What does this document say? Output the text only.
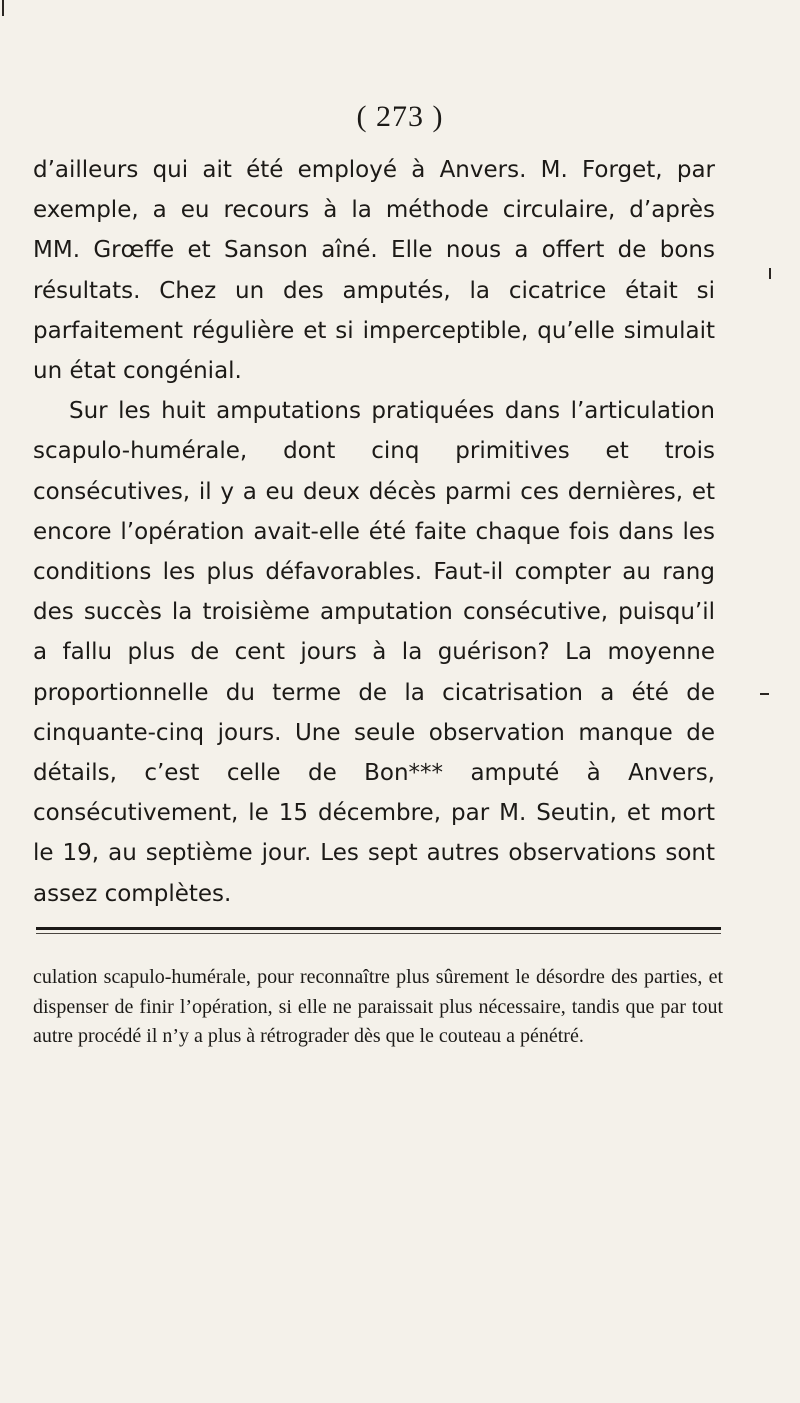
( 273 )

d’ailleurs qui ait été employé à Anvers. M. Forget, par exemple, a eu recours à la méthode circulaire, d’après MM. Grœffe et Sanson aîné. Elle nous a offert de bons résultats. Chez un des amputés, la cicatrice était si parfaitement régulière et si imperceptible, qu’elle simulait un état congénial.

Sur les huit amputations pratiquées dans l’articulation scapulo-humérale, dont cinq primitives et trois consécutives, il y a eu deux décès parmi ces dernières, et encore l’opération avait-elle été faite chaque fois dans les conditions les plus défavorables. Faut-il compter au rang des succès la troisième amputation consécutive, puisqu’il a fallu plus de cent jours à la guérison? La moyenne proportionnelle du terme de la cicatrisation a été de cinquante-cinq jours. Une seule observation manque de détails, c’est celle de Bon*** amputé à Anvers, consécutivement, le 15 décembre, par M. Seutin, et mort le 19, au septième jour. Les sept autres observations sont assez complètes.

culation scapulo-humérale, pour reconnaître plus sûrement le désordre des parties, et dispenser de finir l’opération, si elle ne paraissait plus nécessaire, tandis que par tout autre procédé il n’y a plus à rétrograder dès que le couteau a pénétré.
